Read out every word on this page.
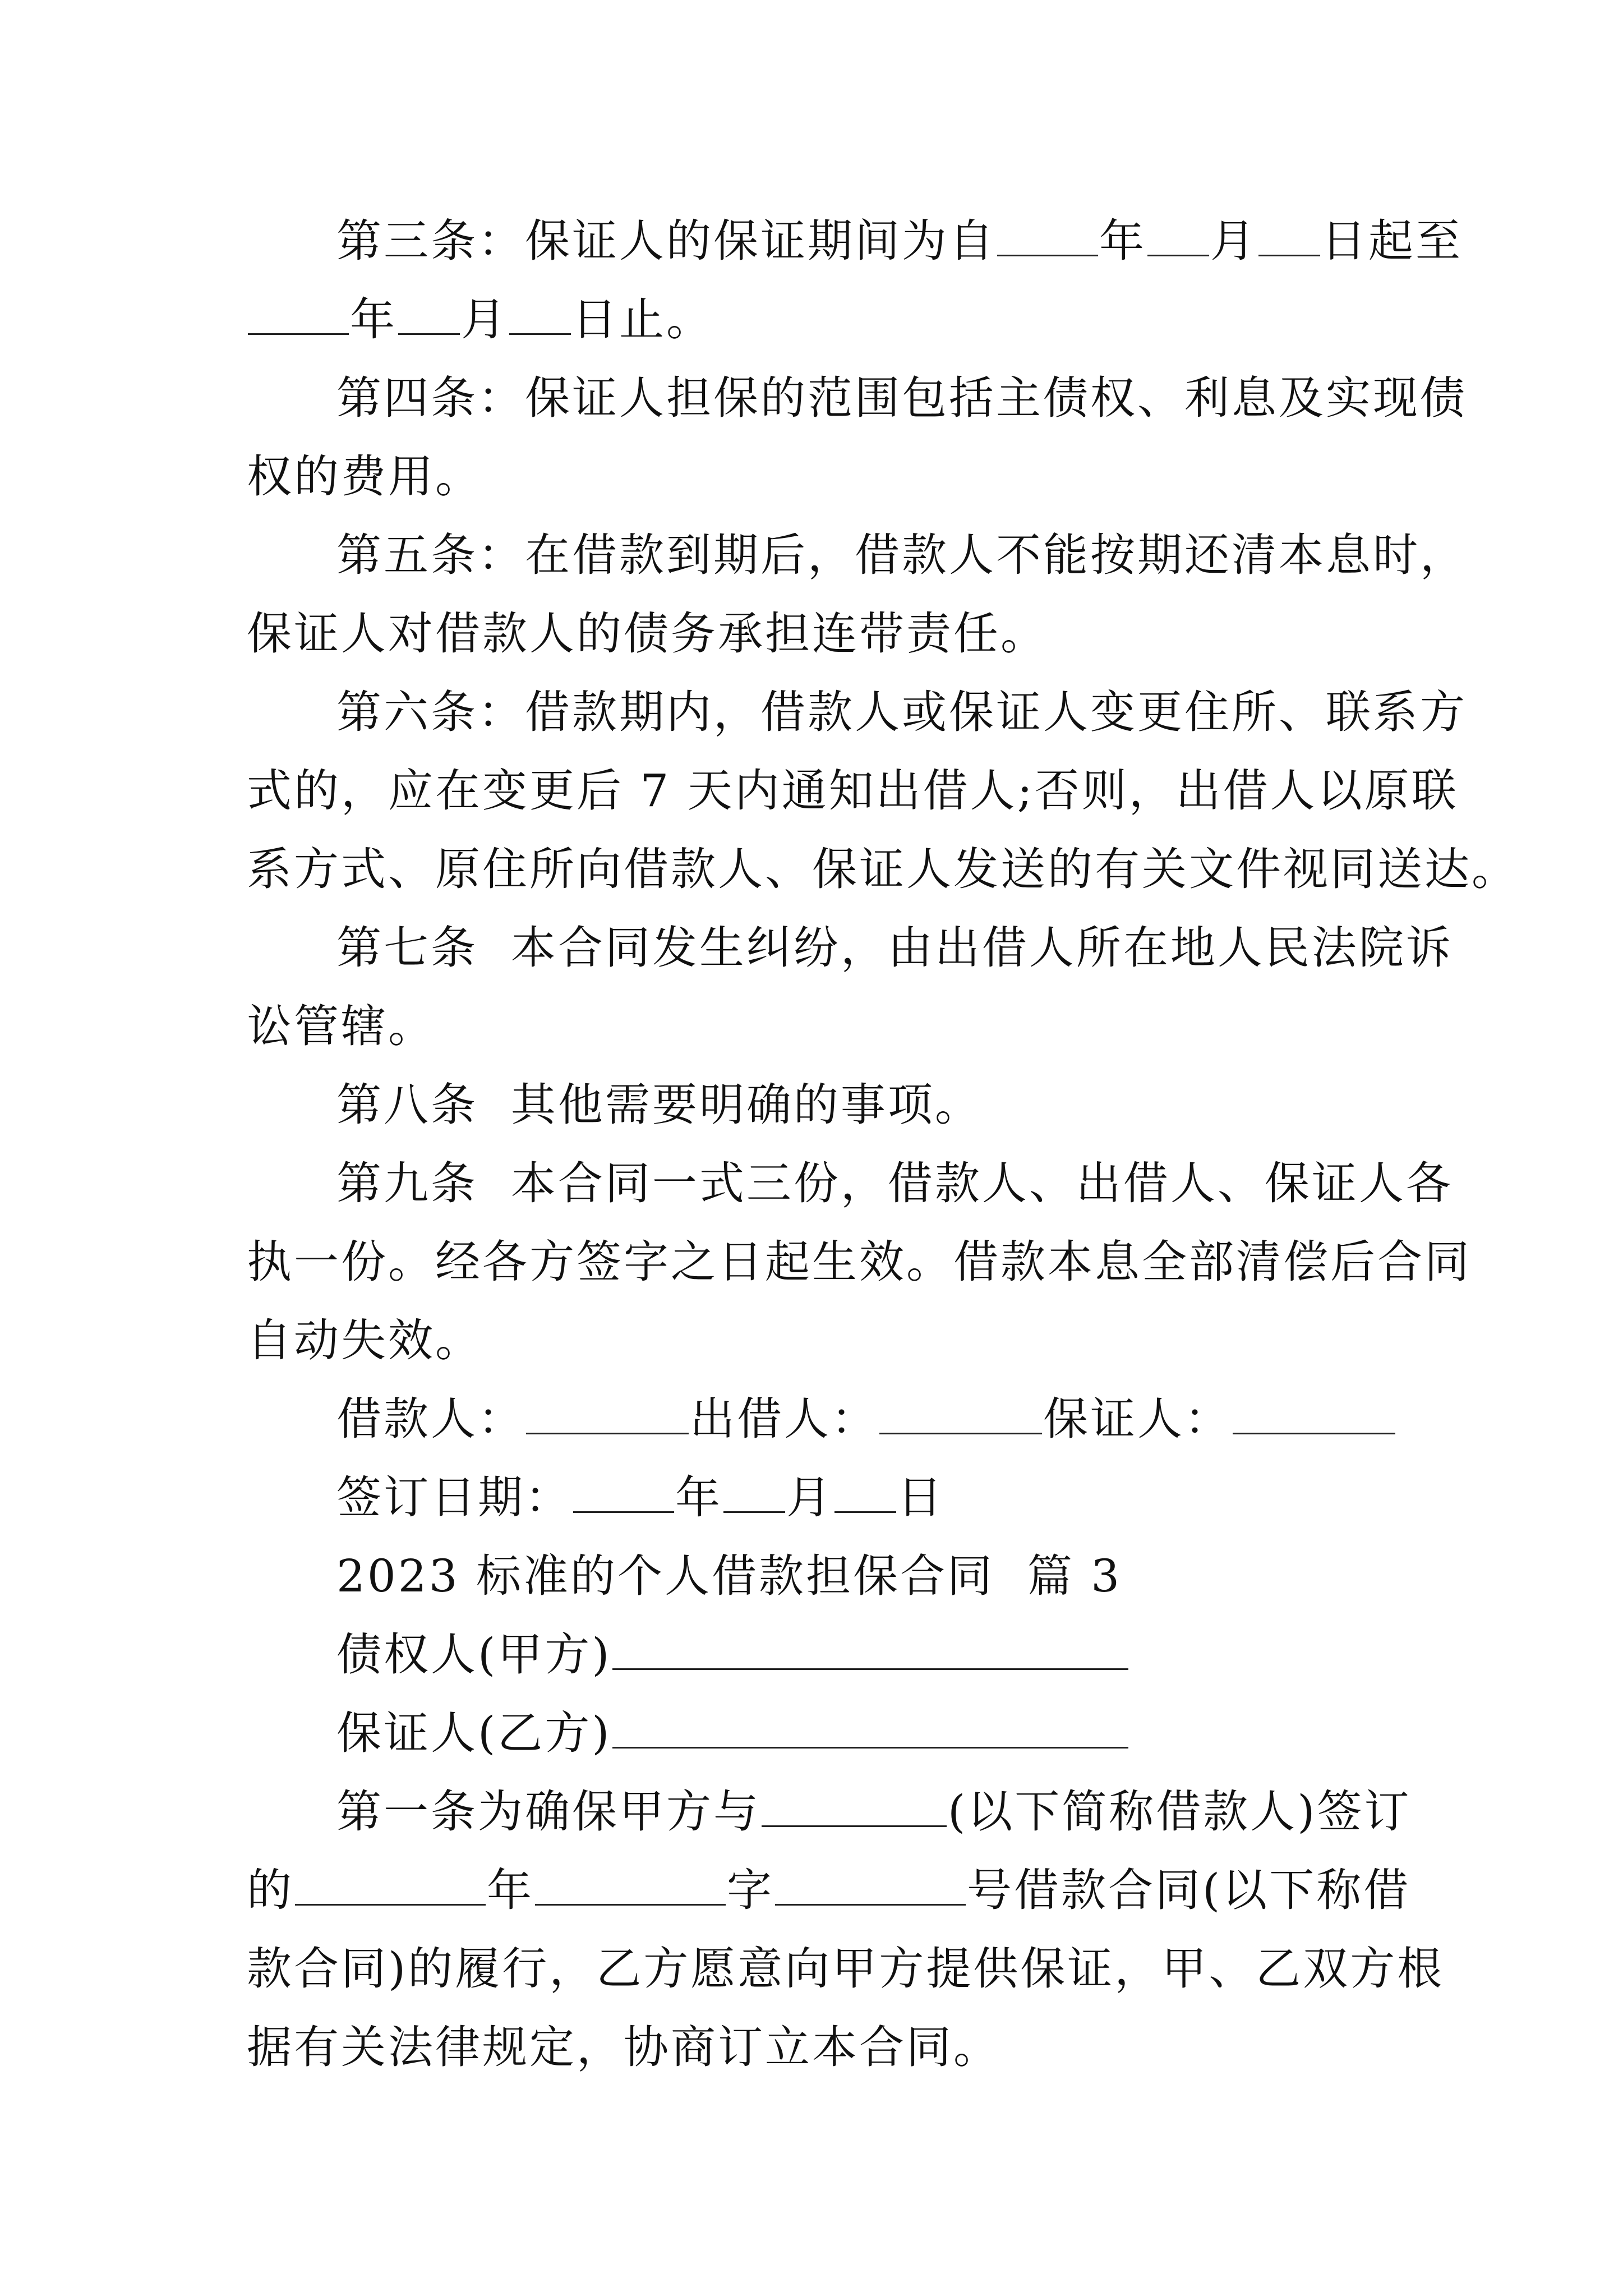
第三条：保证人的保证期间为自 年 月 日起至
年 月 日止。
第四条：保证人担保的范围包括主债权、利息及实现债
权的费用。
第五条：在借款到期后，借款人不能按期还清本息时，
保证人对借款人的债务承担连带责任。
第六条：借款期内，借款人或保证人变更住所、联系方
式的，应在变更后 7 天内通知出借人;否则，出借人以原联
系方式、原住所向借款人、保证人发送的有关文件视同送达。
第七条  本合同发生纠纷，由出借人所在地人民法院诉
讼管辖。
第八条  其他需要明确的事项。
第九条  本合同一式三份，借款人、出借人、保证人各
执一份。经各方签字之日起生效。借款本息全部清偿后合同
自动失效。
借款人：	出借人：	保证人：
签订日期： 年 月 日
2023 标准的个人借款担保合同  篇 3
债权人(甲方)
保证人(乙方)
第一条为确保甲方与	(以下简称借款人)签订
的	年	字	号借款合同(以下称借
款合同)的履行，乙方愿意向甲方提供保证，甲、乙双方根
据有关法律规定，协商订立本合同。
